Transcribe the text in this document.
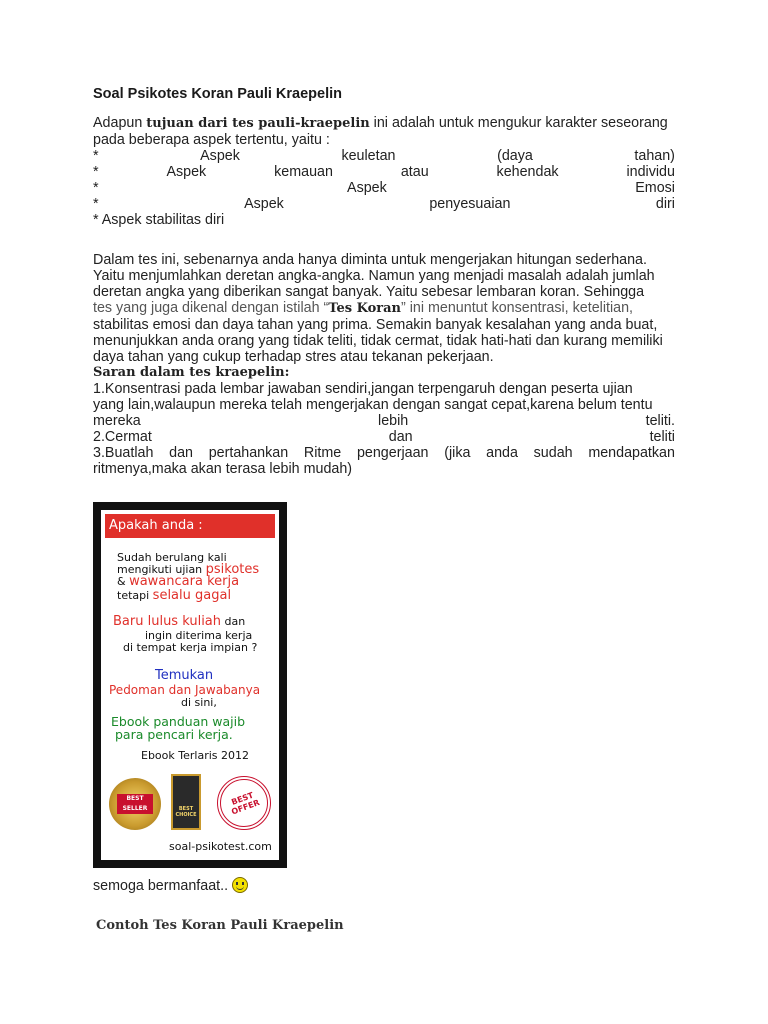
Soal Psikotes Koran Pauli Kraepelin
Adapun tujuan dari tes pauli-kraepelin ini adalah untuk mengukur karakter seseorang
pada beberapa aspek tertentu, yaitu :
*	Aspek	keuletan	(daya	tahan)
*	Aspek	kemauan	atau	kehendak	individu
*	Aspek	Emosi
*	Aspek	penyesuaian	diri
* Aspek stabilitas diri
Dalam tes ini, sebenarnya anda hanya diminta untuk mengerjakan hitungan sederhana.
Yaitu menjumlahkan deretan angka-angka. Namun yang menjadi masalah adalah jumlah
deretan angka yang diberikan sangat banyak. Yaitu sebesar lembaran koran. Sehingga
tes yang juga dikenal dengan istilah “Tes Koran” ini menuntut konsentrasi, ketelitian,
stabilitas emosi dan daya tahan yang prima. Semakin banyak kesalahan yang anda buat,
menunjukkan anda orang yang tidak teliti, tidak cermat, tidak hati-hati dan kurang memiliki
daya tahan yang cukup terhadap stres atau tekanan pekerjaan.
Saran dalam tes kraepelin:
1.Konsentrasi pada lembar jawaban sendiri,jangan terpengaruh dengan peserta ujian
yang lain,walaupun mereka telah mengerjakan dengan sangat cepat,karena belum tentu
mereka	lebih	teliti.
2.Cermat	dan	teliti
3.Buatlah dan pertahankan Ritme pengerjaan (jika anda sudah mendapatkan
ritmenya,maka akan terasa lebih mudah)
Apakah anda :
Sudah berulang kali
mengikuti ujian psikotes
& wawancara kerja
tetapi selalu gagal
Baru lulus kuliah dan
ingin diterima kerja
di tempat kerja impian ?
Temukan
Pedoman dan Jawabanya
di sini,
Ebook panduan wajib
para pencari kerja.
Ebook Terlaris 2012
BEST SELLER	BEST CHOICE
BEST OFFER
soal-psikotest.com
semoga bermanfaat..
Contoh Tes Koran Pauli Kraepelin
